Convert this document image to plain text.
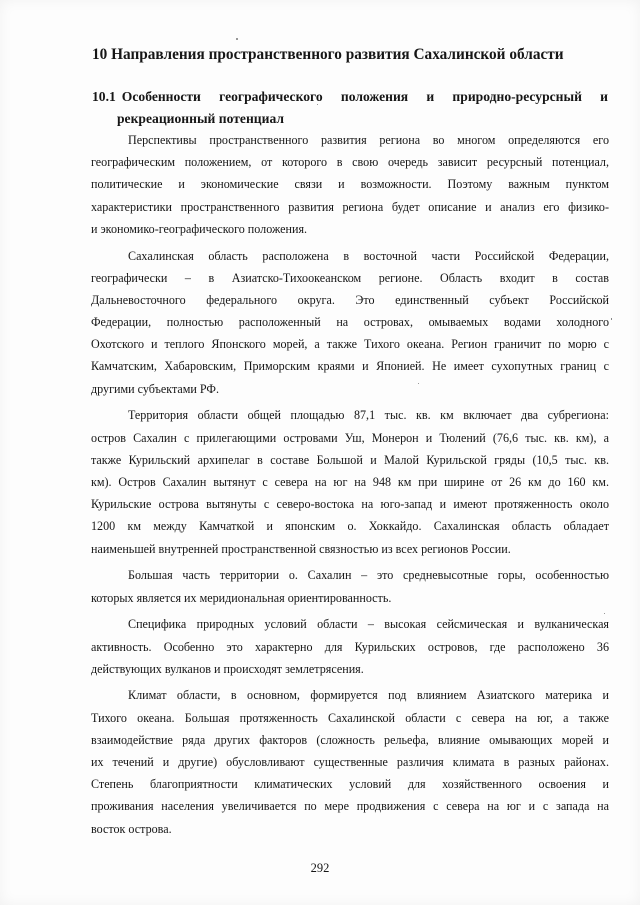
10 Направления пространственного развития Сахалинской области
10.1 Особенности географического положения и природно-ресурсный и
рекреационный потенциал
Перспективы пространственного развития региона во многом определяются его
географическим положением, от которого в свою очередь зависит ресурсный потенциал,
политические и экономические связи и возможности. Поэтому важным пунктом
характеристики пространственного развития региона будет описание и анализ его физико-
и экономико-географического положения.
Сахалинская область расположена в восточной части Российской Федерации,
географически – в Азиатско-Тихоокеанском регионе. Область входит в состав
Дальневосточного федерального округа. Это единственный субъект Российской
Федерации, полностью расположенный на островах, омываемых водами холодного
Охотского и теплого Японского морей, а также Тихого океана. Регион граничит по морю с
Камчатским, Хабаровским, Приморским краями и Японией. Не имеет сухопутных границ с
другими субъектами РФ.
Территория области общей площадью 87,1 тыс. кв. км включает два субрегиона:
остров Сахалин с прилегающими островами Уш, Монерон и Тюлений (76,6 тыс. кв. км), а
также Курильский архипелаг в составе Большой и Малой Курильской гряды (10,5 тыс. кв.
км). Остров Сахалин вытянут с севера на юг на 948 км при ширине от 26 км до 160 км.
Курильские острова вытянуты с северо-востока на юго-запад и имеют протяженность около
1200 км между Камчаткой и японским о. Хоккайдо. Сахалинская область обладает
наименьшей внутренней пространственной связностью из всех регионов России.
Большая часть территории о. Сахалин – это средневысотные горы, особенностью
которых является их меридиональная ориентированность.
Специфика природных условий области – высокая сейсмическая и вулканическая
активность. Особенно это характерно для Курильских островов, где расположено 36
действующих вулканов и происходят землетрясения.
Климат области, в основном, формируется под влиянием Азиатского материка и
Тихого океана. Большая протяженность Сахалинской области с севера на юг, а также
взаимодействие ряда других факторов (сложность рельефа, влияние омывающих морей и
их течений и другие) обусловливают существенные различия климата в разных районах.
Степень благоприятности климатических условий для хозяйственного освоения и
проживания населения увеличивается по мере продвижения с севера на юг и с запада на
восток острова.
292
